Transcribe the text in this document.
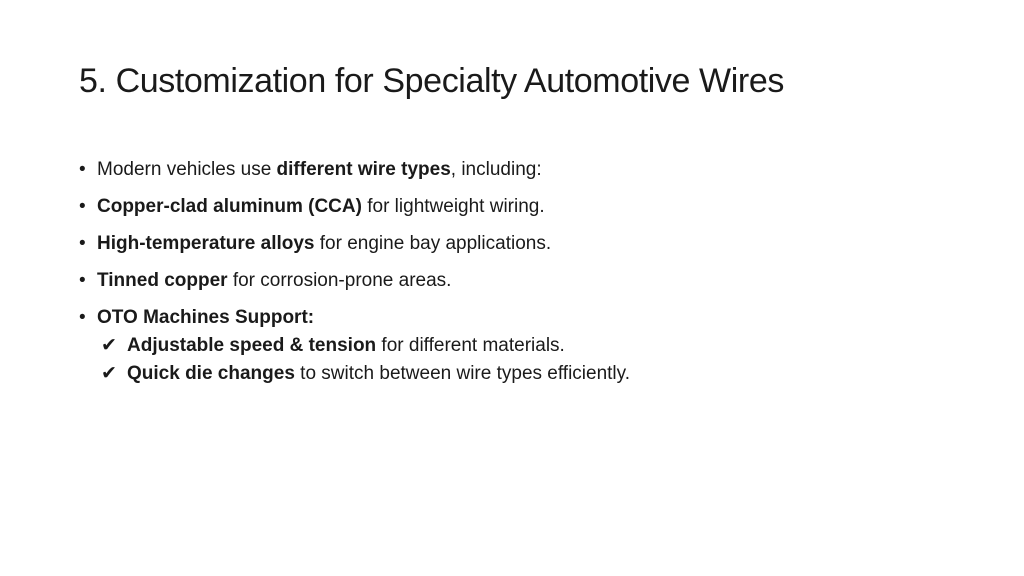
5. Customization for Specialty Automotive Wires
• Modern vehicles use different wire types, including:
• Copper-clad aluminum (CCA) for lightweight wiring.
• High-temperature alloys for engine bay applications.
• Tinned copper for corrosion-prone areas.
• OTO Machines Support:
✔ Adjustable speed & tension for different materials.
✔ Quick die changes to switch between wire types efficiently.
